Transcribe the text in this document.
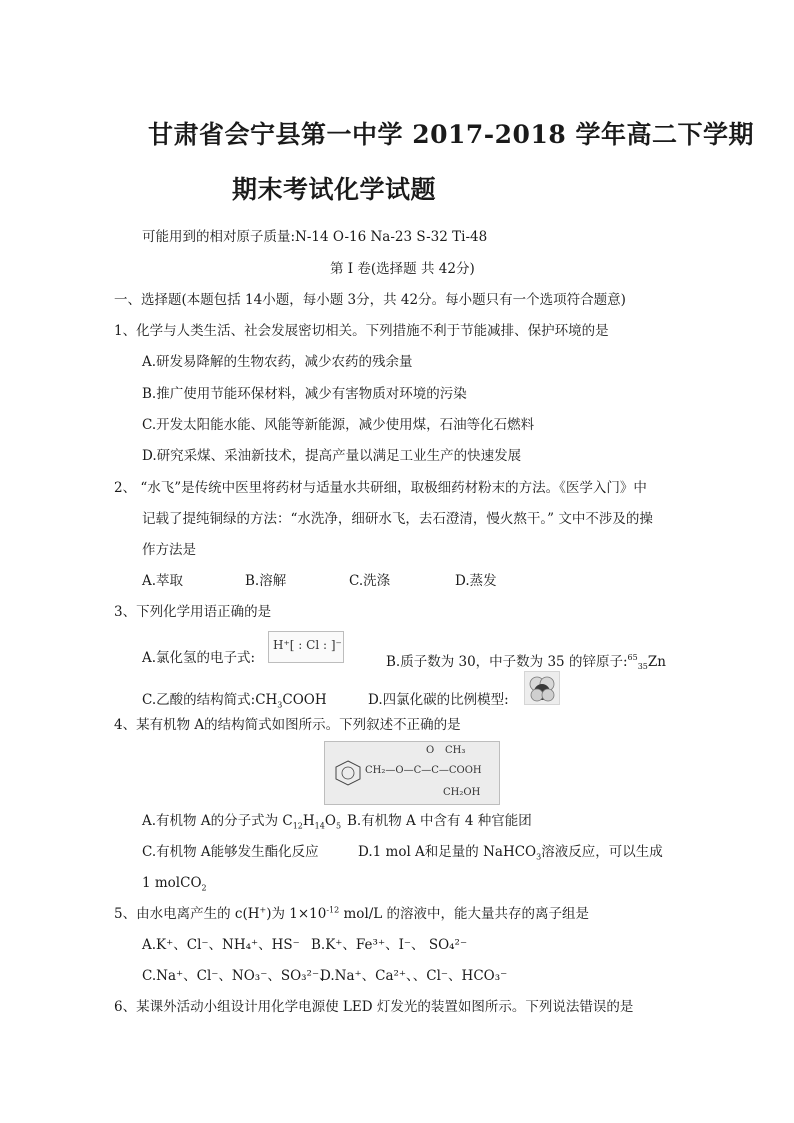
甘肃省会宁县第一中学 2017-2018 学年高二下学期
期末考试化学试题
可能用到的相对原子质量:N-14 O-16 Na-23 S-32 Ti-48
第 I 卷(选择题 共 42分)
一、选择题(本题包括 14小题，每小题 3分，共 42分。每小题只有一个选项符合题意)
1、化学与人类生活、社会发展密切相关。下列措施不利于节能减排、保护环境的是
A.研发易降解的生物农药，减少农药的残余量
B.推广使用节能环保材料，减少有害物质对环境的污染
C.开发太阳能水能、风能等新能源，减少使用煤，石油等化石燃料
D.研究采煤、采油新技术，提高产量以满足工业生产的快速发展
2、 “水飞”是传统中医里将药材与适量水共研细，取极细药材粉末的方法。《医学入门》中
记载了提纯铜绿的方法：“水洗净，细研水飞，去石澄清，慢火熬干。” 文中不涉及的操
作方法是
A.萃取	B.溶解	C.洗涤	D.蒸发
3、下列化学用语正确的是
A.氯化氢的电子式:
H⁺[ : Cl : ]⁻
B.质子数为 30，中子数为 35 的锌原子:$^{65}_{35}$Zn
C.乙酸的结构简式$:CH_3COOH$	D.四氯化碳的比例模型:
4、某有机物 A的结构简式如图所示。下列叙述不正确的是
CH₂—O—C—C—COOH
O CH₃
CH₂OH
A.有机物 A的分子式为 $C_{12}H_{14}O_5$ B.有机物 A 中含有 4 种官能团
C.有机物 A能够发生酯化反应	D.1 mol A和足量的 NaHCO$_3$溶液反应，可以生成
1 molCO$_2$
5、由水电离产生的 c(H+)为 $1\times 10^{-12}$ mol/L 的溶液中，能大量共存的离子组是
A.K⁺、Cl⁻、NH₄⁺、HS⁻ B.K⁺、Fe³⁺、I⁻、 SO₄²⁻
C.Na⁺、Cl⁻、NO₃⁻、SO₃²⁻、
D.Na⁺、Ca²⁺、、Cl⁻、HCO₃⁻
6、某课外活动小组设计用化学电源使 LED 灯发光的装置如图所示。下列说法错误的是
